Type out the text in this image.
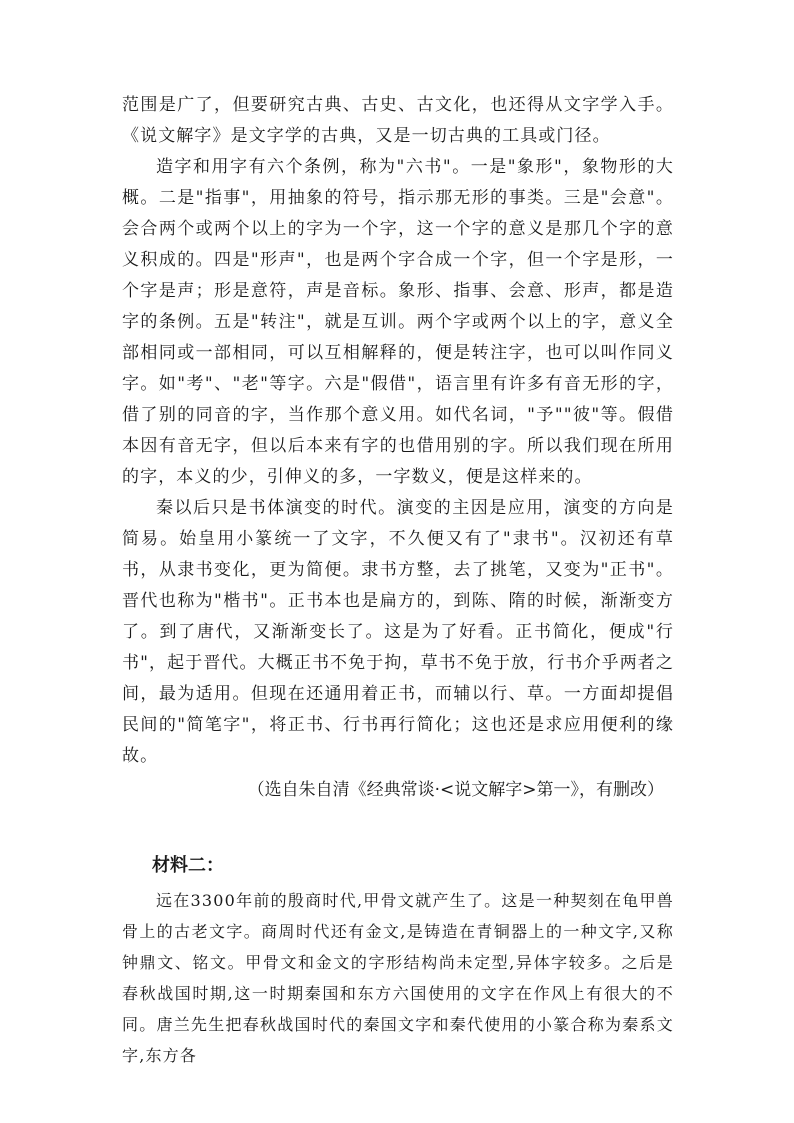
范围是广了，但要研究古典、古史、古文化，也还得从文字学入手。《说文解字》是文字学的古典，又是一切古典的工具或门径。

造字和用字有六个条例，称为"六书"。一是"象形"，象物形的大概。二是"指事"，用抽象的符号，指示那无形的事类。三是"会意"。会合两个或两个以上的字为一个字，这一个字的意义是那几个字的意义积成的。四是"形声"，也是两个字合成一个字，但一个字是形，一个字是声；形是意符，声是音标。象形、指事、会意、形声，都是造字的条例。五是"转注"，就是互训。两个字或两个以上的字，意义全部相同或一部相同，可以互相解释的，便是转注字，也可以叫作同义字。如"考"、"老"等字。六是"假借"，语言里有许多有音无形的字，借了别的同音的字，当作那个意义用。如代名词，"予""彼"等。假借本因有音无字，但以后本来有字的也借用别的字。所以我们现在所用的字，本义的少，引伸义的多，一字数义，便是这样来的。

秦以后只是书体演变的时代。演变的主因是应用，演变的方向是简易。始皇用小篆统一了文字，不久便又有了"隶书"。汉初还有草书，从隶书变化，更为简便。隶书方整，去了挑笔，又变为"正书"。晋代也称为"楷书"。正书本也是扁方的，到陈、隋的时候，渐渐变方了。到了唐代，又渐渐变长了。这是为了好看。正书简化，便成"行书"，起于晋代。大概正书不免于拘，草书不免于放，行书介乎两者之间，最为适用。但现在还通用着正书，而辅以行、草。一方面却提倡民间的"简笔字"，将正书、行书再行简化；这也还是求应用便利的缘故。

（选自朱自清《经典常谈·<说文解字>第一》，有删改）

材料二：

远在3300年前的殷商时代,甲骨文就产生了。这是一种契刻在龟甲兽骨上的古老文字。商周时代还有金文,是铸造在青铜器上的一种文字,又称钟鼎文、铭文。甲骨文和金文的字形结构尚未定型,异体字较多。之后是春秋战国时期,这一时期秦国和东方六国使用的文字在作风上有很大的不同。唐兰先生把春秋战国时代的秦国文字和秦代使用的小篆合称为秦系文字,东方各
